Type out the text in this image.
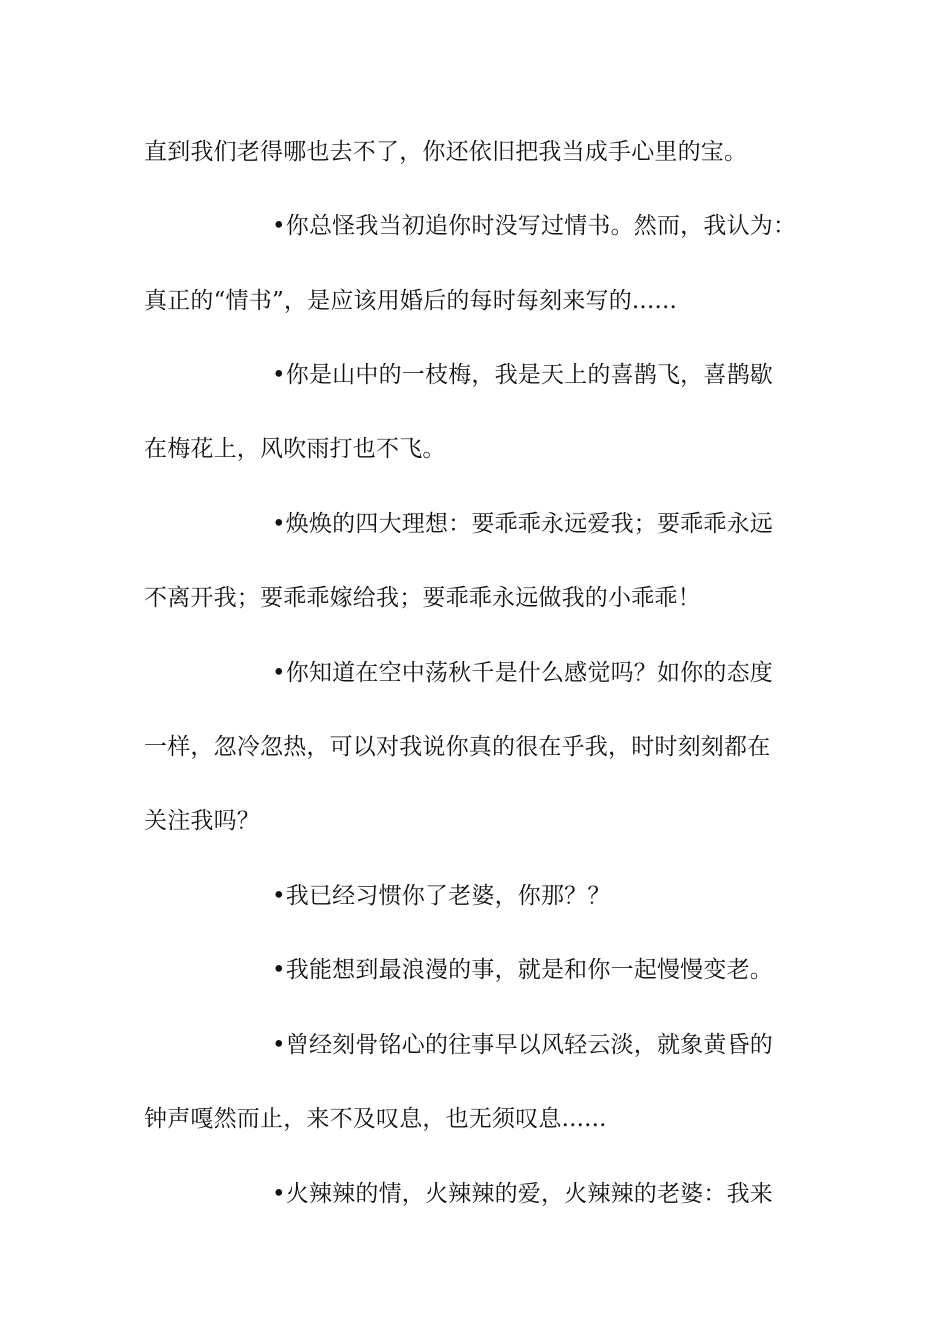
直到我们老得哪也去不了，你还依旧把我当成手心里的宝。
•你总怪我当初追你时没写过情书。然而，我认为：
真正的“情书”，是应该用婚后的每时每刻来写的......
•你是山中的一枝梅，我是天上的喜鹊飞，喜鹊歇
在梅花上，风吹雨打也不飞。
•焕焕的四大理想：要乖乖永远爱我；要乖乖永远
不离开我；要乖乖嫁给我；要乖乖永远做我的小乖乖！
•你知道在空中荡秋千是什么感觉吗？如你的态度
一样，忽冷忽热，可以对我说你真的很在乎我，时时刻刻都在
关注我吗？
•我已经习惯你了老婆，你那？？
•我能想到最浪漫的事，就是和你一起慢慢变老。
•曾经刻骨铭心的往事早以风轻云淡，就象黄昏的
钟声嘎然而止，来不及叹息，也无须叹息......
•火辣辣的情，火辣辣的爱，火辣辣的老婆：我来
